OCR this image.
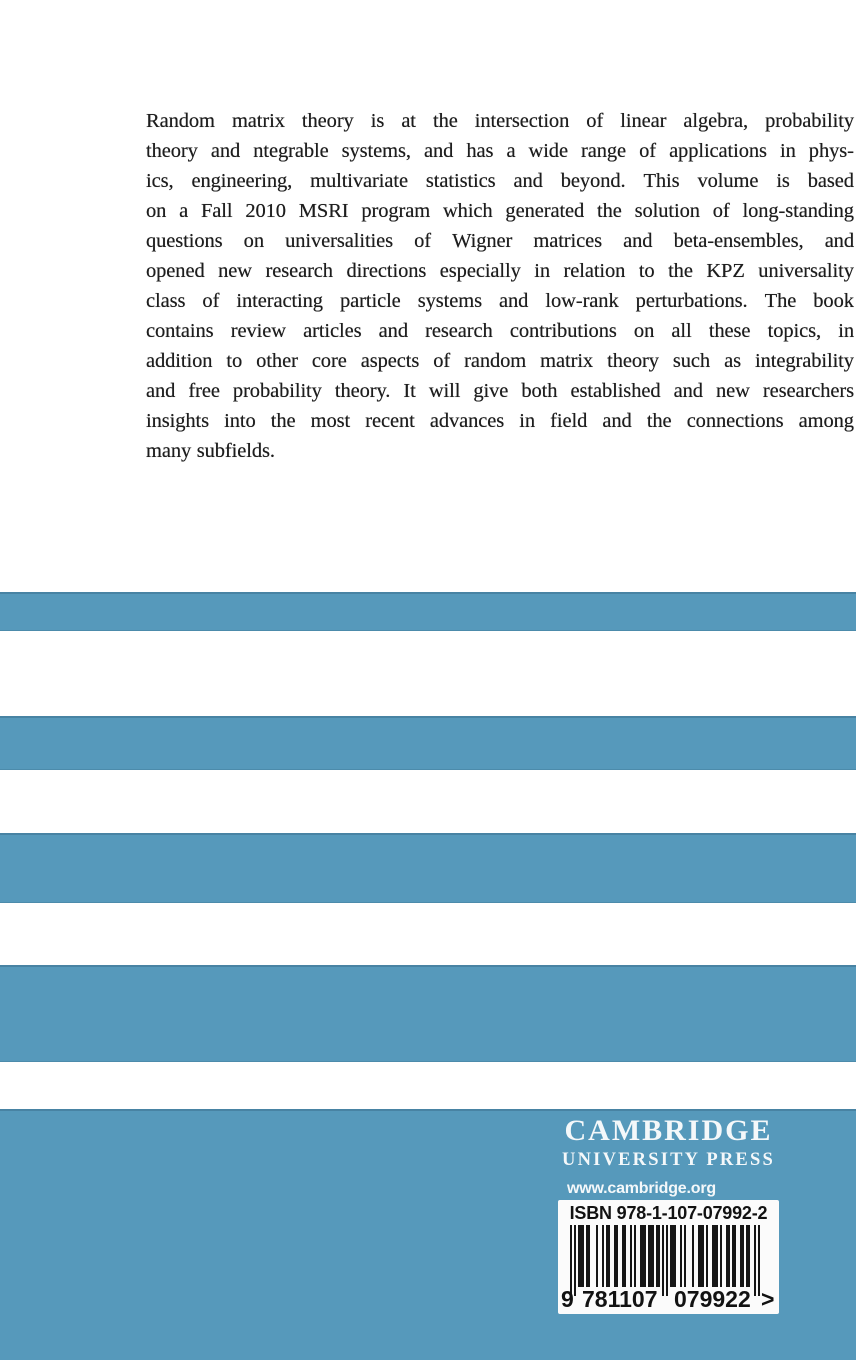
Random matrix theory is at the intersection of linear algebra, probability
theory and ntegrable systems, and has a wide range of applications in phys-
ics, engineering, multivariate statistics and beyond. This volume is based
on a Fall 2010 MSRI program which generated the solution of long-standing
questions on universalities of Wigner matrices and beta-ensembles, and
opened new research directions especially in relation to the KPZ universality
class of interacting particle systems and low-rank perturbations. The book
contains review articles and research contributions on all these topics, in
addition to other core aspects of random matrix theory such as integrability
and free probability theory. It will give both established and new researchers
insights into the most recent advances in field and the connections among
many subfields.
CAMBRIDGE
UNIVERSITY PRESS
www.cambridge.org
ISBN 978-1-107-07992-2
9 781107 079922 >
